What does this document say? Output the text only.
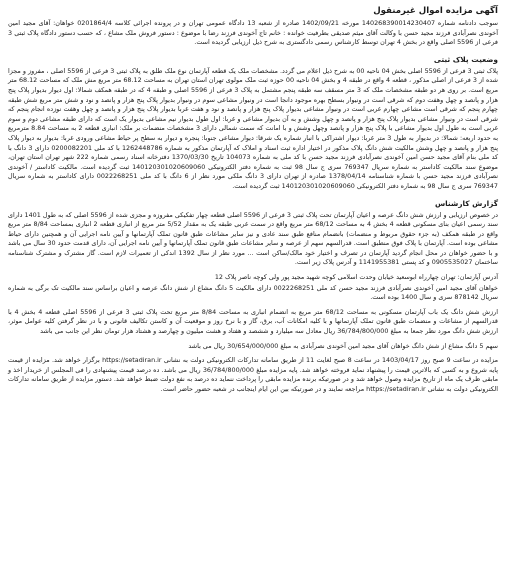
آگهی مزایده اموال غیرمنقول

سوجب دادنامه شماره 140268390014230407 مورخه 1402/09/21 صادره از شعبه 13 دادگاه عمومی تهران و در پرونده اجرائی کلاسه 0201864/4 خواهان: آقای مجید امین آخوندی نصرآبادی فرزند مجید حسن با وکالت آقای میثم صدیقی بطرفیت خوانده : خانم تاج آخوندی فرزند رضا با موضوع : دستور فروش ملک مشاع ، که حسب دستور دادگاه پلاک ثبتی 3 فرعی از 5596 اصلی واقع در بخش 4 تهران توسط کارشناس رسمی دادگستری به شرح ذیل ارزیابی گردیده است.

وضعیت پلاک ثبتی

پلاک ثبتی 3 فرعی از 5596 اصلی بخش 04 ناحیه 00 به شرح ذیل اعلام می گردد. مشخصات ملک یک قطعه آپارتمان نوع ملک طلق به پلاک ثبتی 3 فرعی از 5596 اصلی ، مفروز و مجزا شده از 3 فرعی از اصلی مذکور ، قطعه 4 واقع در طبقه 4 و بخش 04 ناحیه 00 حوزه ثبت ملک مولوی تهران استان تهران به مساحت 68.12 متر مربع مش ملک که مساحت 68.12 متر مربع است. بر روی هر دو طبقه مشخصات ملک که 3 متر مسقف سه طبقه پنجم مشتمل به پلاک 3 فرعی از 5596 اصلی و طبقه 4 که در طبقه همکف شمالا: اول دیوار بدیوار پلاک پنج هزار و پانصد و چهل وهفت دوم که شرقی است در ونیوار بسطح بهره موجود دانجا است در ونیوار مشاعی سوم در ونیوار بدیوار پلاک پنج هزار و پانصد و نود و شش متر مربع شش طبقه چهارم پنجم که شرقی است مشاعی چهارم غربی است در ونیوار مشاعی بدیوار پلاک پنج هزار و پانصد و نود و هفت غربا بدیوار پلاک پنج هزار و پانصد و چهل وهفت نوزده انجام پنجم که شرقی است در ونیوار مشاعی بدیوار پلاک پنج هزار و پانصد و چهل وشش و به آن بدیوار مشاعی و غربا: اول طول بدیوار نیم مشاعی بدیوار یک است که دارای طبقه مشاعی دوم و سوم غربی است به طول اول بدیوار مشاعی با پلاک پنج هزار و پانصد وچهل وشش و با امانت که سمت شمالی دارای 3 مشخصات منضمات بر ملک: انباری قطعه 2 به مساحت 8.84 مترمربع به حدود اربعه: شمالا: در بدیوار به طول 3 متر غربا: دیوار اشتراکی با انبار شماره یک شرقا: دیوار مشاعی جنوبا: پنجره و دیوار به سطح پر حیاط مشاعی ورودی غربا: بدیوار به دیوار پلاک پنج هزار و پانصد و چهل وشش مالکیت شش دانگ پلاک مذکور در اختیار اداره ثبت اسناد و املاک که آپارتمان مذکور به شماره 1262448786 با کد ملی 0200082201 دارای 3 دانگ با کد ملی بنام آقای مجید حسن امین آخوندی نصرآبادی فرزند مجید حسن با کد ملی به شماره 104073 تاریخ 1370/03/30 دفترخانه اسناد رسمی شماره 222 شهر تهران استان تهران، موضوع سند مالکیت کاداستر به شماره سریال 769347 سری ج سال 98 ثبت به شماره دفتر الکترونیکی 140120301020609060 ثبت گردیده است. مالکیت کاداستر / آخوندی نصرآبادی فرزند مجید حسن با شماره شناسنامه 1378/04/14 صادره از تهران دارای 3 دانگ ملکی مورد نظر از 6 دانگ با کد ملی 0022268251 دارای کاداستر به شماره سریال 769347 سری ج سال 98 به شماره دفتر الکترونیکی 140120301020609060 ثبت گردیده است.

گزارش کارشناس

در خصوص ارزیابی و ارزش شش دانگ عرصه و اعیان آپارتمان تحت پلاک ثبتی 3 فرعی از 5596 اصلی قطعه چهار تفکیکی مفروزه و مجزی شده از 5596 اصلی که به طول 1401 دارای سند رسمی اعیان بنای مسکونی قطعه 4 بخش 4 به مساحت 68/12 متر مربع واقع در سمت غربی طبقه یک به مقدار 5/52 متر مربع از انباری قطعه 2 انباری بمساحت 8/84 متر مربع واقع در طبقه همکف (به جزء حقوق مربوط و منضمات) بانضمام منافع طبق سند عادی و نیز سایر مشاعات طبق قانون تملک آپارتمانها و آیین نامه اجرایی آن و همچنین دارای حیاط مشاعی بوده است. آپارتمان با پلاک فوق منطبق است. قدرالسهم سهم از عرصه و سایر مشاعات طبق قانون تملک آپارتمانها و آیین نامه اجرایی آن، دارای قدمت حدود 30 سال می باشد و با حضور خواهان در محل انجام گردید آپارتمان در تصرف و اختیار خود مالک/ساکن است ... مورد نظر از سال 1392 اندکی از تعمیرات لازم است. گاز مشترک و مشترک شناسنامه ساختمان 0905535027 و کد پستی 1141955381 و آدرس پلاک زیر است.

آدرس آپارتمان: تهران چهارراه ابوسعید خیابان وحدت اسلامی کوچه شهید مجید پور ولی کوچه ناصر پلاک 12

خواهان آقای مجید امین آخوندی نصرآبادی فرزند مجید حسن کد ملی 0022268251 دارای مالکیت 5 دانگ مشاع از شش دانگ عرصه و اعیان براساس سند مالکیت تک برگی به شماره سریال 878142 سری و سال 1400 بوده است.

ارزش شش دانگ یک باب آپارتمان مسکونی به مساحت 68/12 متر مربع به انضمام انباری به مساحت 8/84 متر مربع تحت پلاک ثبتی 3 فرعی از 5596 اصلی قطعه 4 بخش 4 با قدرالسهم از مشاعات و منضمات طبق قانون تملک آپارتمانها و با کلیه امکانات آب، برق، گاز و با نرخ روز و موقعیت آن و کاستن تکالیف قانونی و با در نظر گرفتن کلیه عوامل موثر، ارزش شش دانگ مورد نظر جمعا به مبلغ 36/784/800/000 ریال معادل سه میلیارد و ششصد و هفتاد و هشت میلیون و چهارصد و هشتاد هزار تومان نظر این جانب می باشد

سهم 5 دانگ مشاع از شش دانگ خواهان آقای مجید امین آخوندی نصرآبادی به مبلغ 30/654/000/000 ریال می باشد

مزایده در ساعت 9 صبح روز 1403/04/17 در ساعت 8 صبح لغایت 11 از طریق سامانه تدارکات الکترونیکی دولت به نشانی https://setadiran.ir برگزار خواهد شد. مزایده از قیمت پایه شروع و به کسی که بالاترین قیمت را پیشنهاد نماید فروخته خواهد شد. پایه مزایده مبلغ 36/784/800/000 ریال می باشد. ده درصد قیمت پیشنهادی را فی المجلس از خریدار اخذ و مابقی ظرف یک ماه از تاریخ مزایده وصول خواهد شد و در صورتیکه برنده مزایده مابقی را پرداخت ننماید ده درصد به نفع دولت ضبط خواهد شد. دستور مزایده از طریق سامانه تدارکات الکترونیکی دولت به نشانی https://setadiran.ir مراجعه نمایند و در صورتیکه بین این ایام اینجانب در شعبه حضور حاضر است.
